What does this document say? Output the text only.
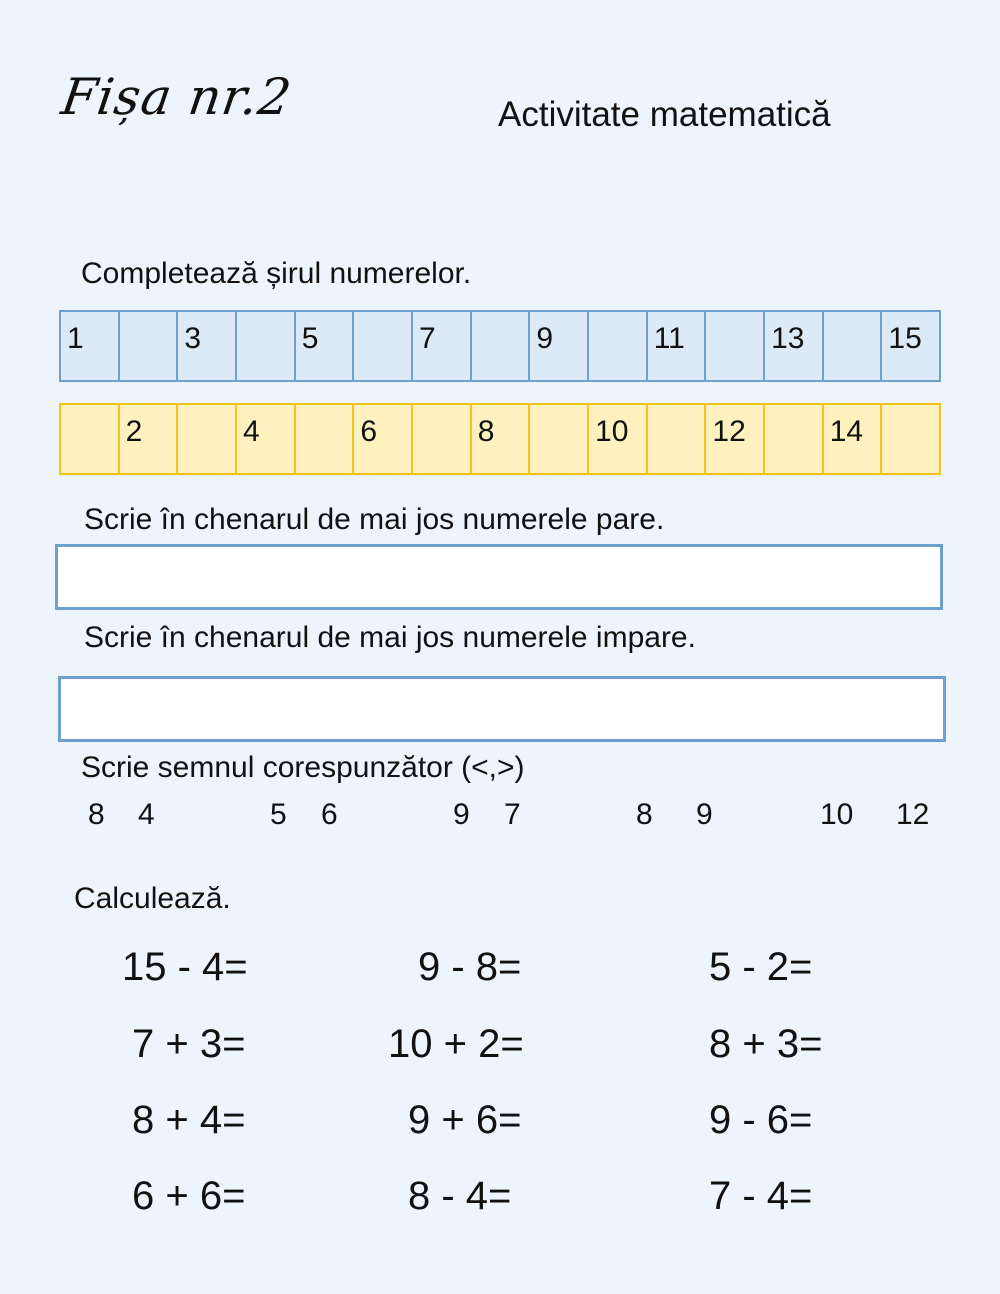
Fișa nr.2	Activitate matematică
Completează șirul numerelor.
1	3	5	7	9	11	13	15
2	4	6	8	10	12	14
Scrie în chenarul de mai jos numerele pare.
Scrie în chenarul de mai jos numerele impare.
Scrie semnul corespunzător (<,>)
8 4	5 6	9 7	8 9	10 12
Calculează.
15 - 4=	9 - 8=	5 - 2=
7 + 3=	10 + 2=	8 + 3=
8 + 4=	9 + 6=	9 - 6=
6 + 6=	8 - 4=	7 - 4=
